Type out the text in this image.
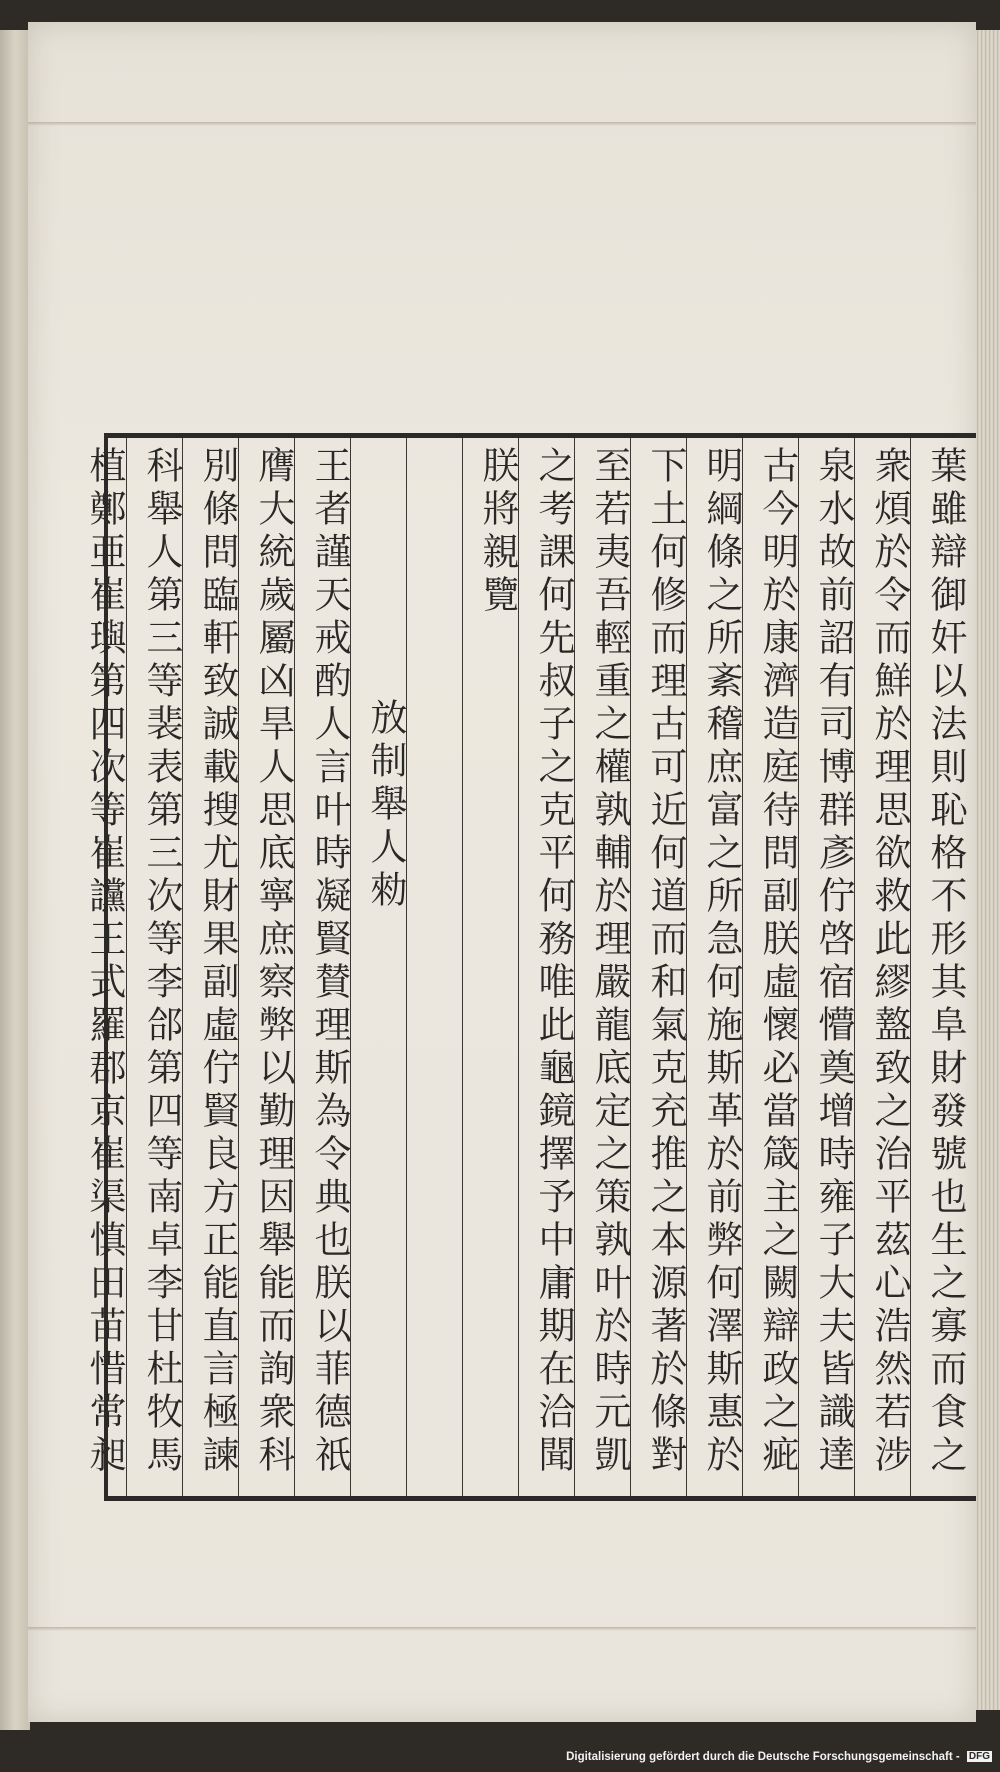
葉雖辯御奸以法則恥格不形其阜財發號也生之寡而食之
衆煩於令而鮮於理思欲救此繆盩致之治平茲心浩然若涉
泉水故前詔有司博群彥佇啓宿懵奠增時雍子大夫皆識達
古今明於康濟造庭待問副朕虛懷必當箴主之闕辯政之疵
明綱條之所紊稽庶富之所急何施斯革於前弊何澤斯惠於
下土何修而理古可近何道而和氣克充推之本源著於條對
至若夷吾輕重之權孰輔於理嚴龍底定之策孰叶於時元凱
之考課何先叔子之克平何務唯此龜鏡擇予中庸期在洽聞
朕將親覽
放制舉人勑
王者謹天戒酌人言叶時凝賢賛理斯為令典也朕以菲德祇
膺大統歲屬凶旱人思底寧庶察弊以勤理因舉能而詢衆科
別條問臨軒致誠載搜尤財果副虛佇賢良方正能直言極諫
科舉人第三等裴表第三次等李郃第四等南卓李甘杜牧馬
植鄭亜崔璵第四次等崔讜王式羅郡京崔渠慎田苗惜常昶
Digitalisierung gefördert durch die Deutsche Forschungsgemeinschaft - DFG
